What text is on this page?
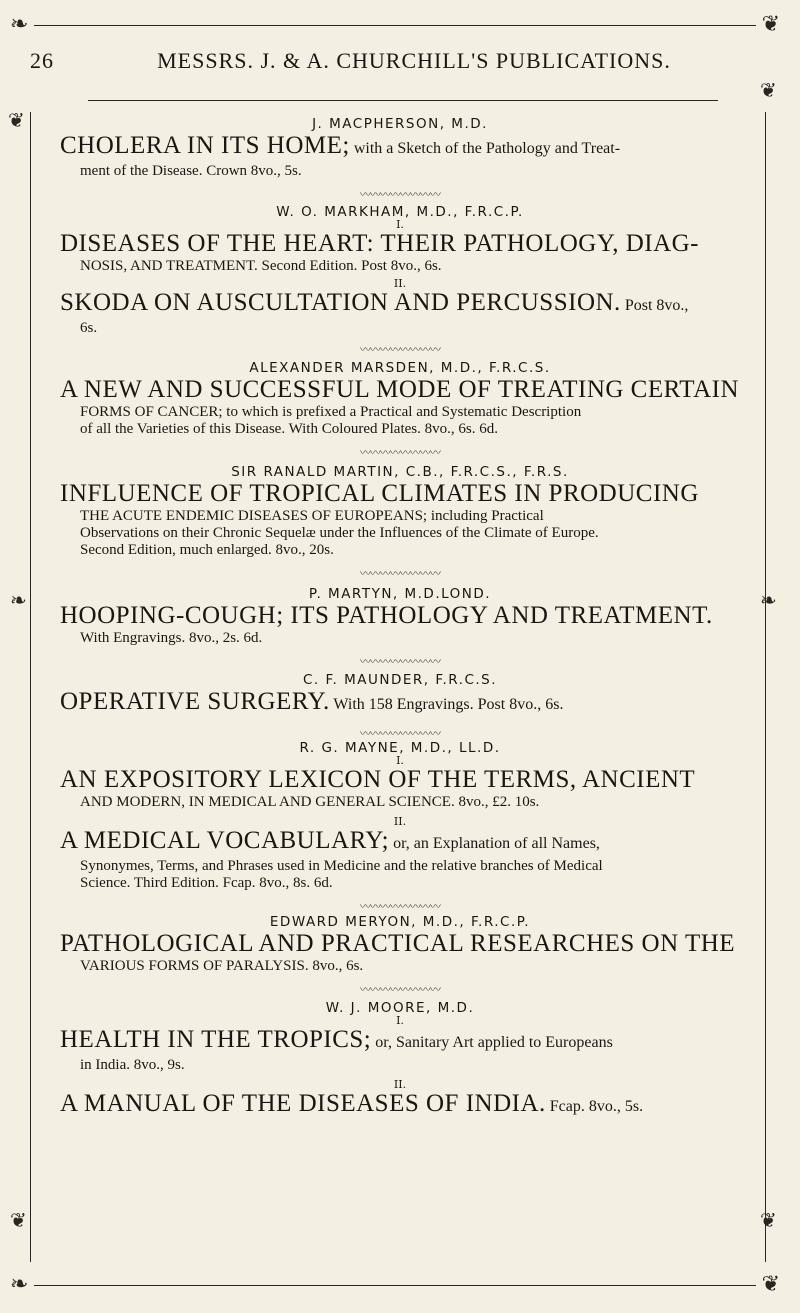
❧	❦
26	MESSRS. J. & A. CHURCHILL'S PUBLICATIONS.
❦
❦
❧	❧
❦	❦

J. MACPHERSON, M.D.

CHOLERA IN ITS HOME; with a Sketch of the Pathology and Treat-

ment of the Disease. Crown 8vo., 5s.

〰〰〰〰〰〰〰〰

W. O. MARKHAM, M.D., F.R.C.P.

I.

DISEASES OF THE HEART: THEIR PATHOLOGY, DIAG-

NOSIS, AND TREATMENT. Second Edition. Post 8vo., 6s.

II.

SKODA ON AUSCULTATION AND PERCUSSION. Post 8vo.,

6s.

〰〰〰〰〰〰〰〰

ALEXANDER MARSDEN, M.D., F.R.C.S.

A NEW AND SUCCESSFUL MODE OF TREATING CERTAIN

FORMS OF CANCER; to which is prefixed a Practical and Systematic Description

of all the Varieties of this Disease. With Coloured Plates. 8vo., 6s. 6d.

〰〰〰〰〰〰〰〰

SIR RANALD MARTIN, C.B., F.R.C.S., F.R.S.

INFLUENCE OF TROPICAL CLIMATES IN PRODUCING

THE ACUTE ENDEMIC DISEASES OF EUROPEANS; including Practical

Observations on their Chronic Sequelæ under the Influences of the Climate of Europe.

Second Edition, much enlarged. 8vo., 20s.

〰〰〰〰〰〰〰〰

P. MARTYN, M.D.LOND.

HOOPING-COUGH; ITS PATHOLOGY AND TREATMENT.

With Engravings. 8vo., 2s. 6d.

〰〰〰〰〰〰〰〰

C. F. MAUNDER, F.R.C.S.

OPERATIVE SURGERY. With 158 Engravings. Post 8vo., 6s.

〰〰〰〰〰〰〰〰

R. G. MAYNE, M.D., LL.D.

I.

AN EXPOSITORY LEXICON OF THE TERMS, ANCIENT

AND MODERN, IN MEDICAL AND GENERAL SCIENCE. 8vo., £2. 10s.

II.

A MEDICAL VOCABULARY; or, an Explanation of all Names,

Synonymes, Terms, and Phrases used in Medicine and the relative branches of Medical

Science. Third Edition. Fcap. 8vo., 8s. 6d.

〰〰〰〰〰〰〰〰

EDWARD MERYON, M.D., F.R.C.P.

PATHOLOGICAL AND PRACTICAL RESEARCHES ON THE

VARIOUS FORMS OF PARALYSIS. 8vo., 6s.

〰〰〰〰〰〰〰〰

W. J. MOORE, M.D.

I.

HEALTH IN THE TROPICS; or, Sanitary Art applied to Europeans

in India. 8vo., 9s.

II.

A MANUAL OF THE DISEASES OF INDIA. Fcap. 8vo., 5s.

❧	❦
